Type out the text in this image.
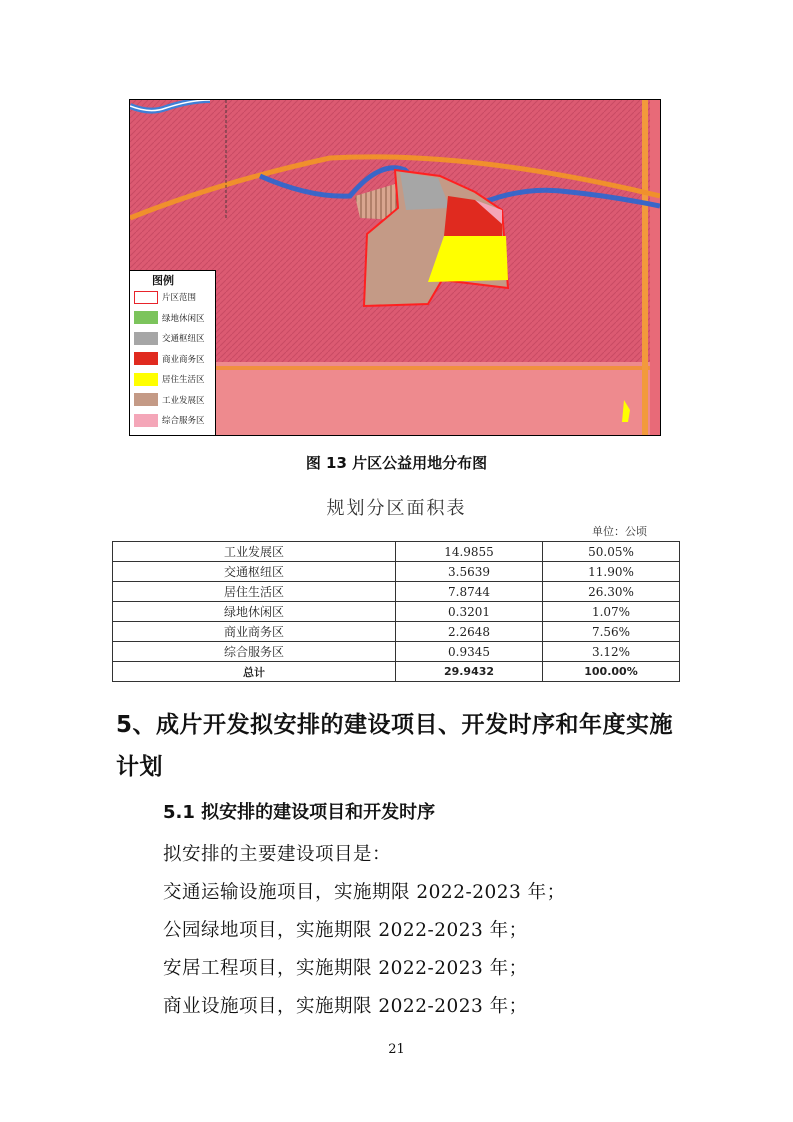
图例
片区范围
绿地休闲区
交通枢纽区
商业商务区
居住生活区
工业发展区
综合服务区
图 13 片区公益用地分布图
规划分区面积表
单位：公顷
工业发展区	14.9855	50.05%
交通枢纽区	3.5639	11.90%
居住生活区	7.8744	26.30%
绿地休闲区	0.3201	1.07%
商业商务区	2.2648	7.56%
综合服务区	0.9345	3.12%
总计	29.9432	100.00%
5、成片开发拟安排的建设项目、开发时序和年度实施计划
5.1 拟安排的建设项目和开发时序
拟安排的主要建设项目是：
交通运输设施项目，实施期限 2022-2023 年；
公园绿地项目，实施期限 2022-2023 年；
安居工程项目，实施期限 2022-2023 年；
商业设施项目，实施期限 2022-2023 年；
21
